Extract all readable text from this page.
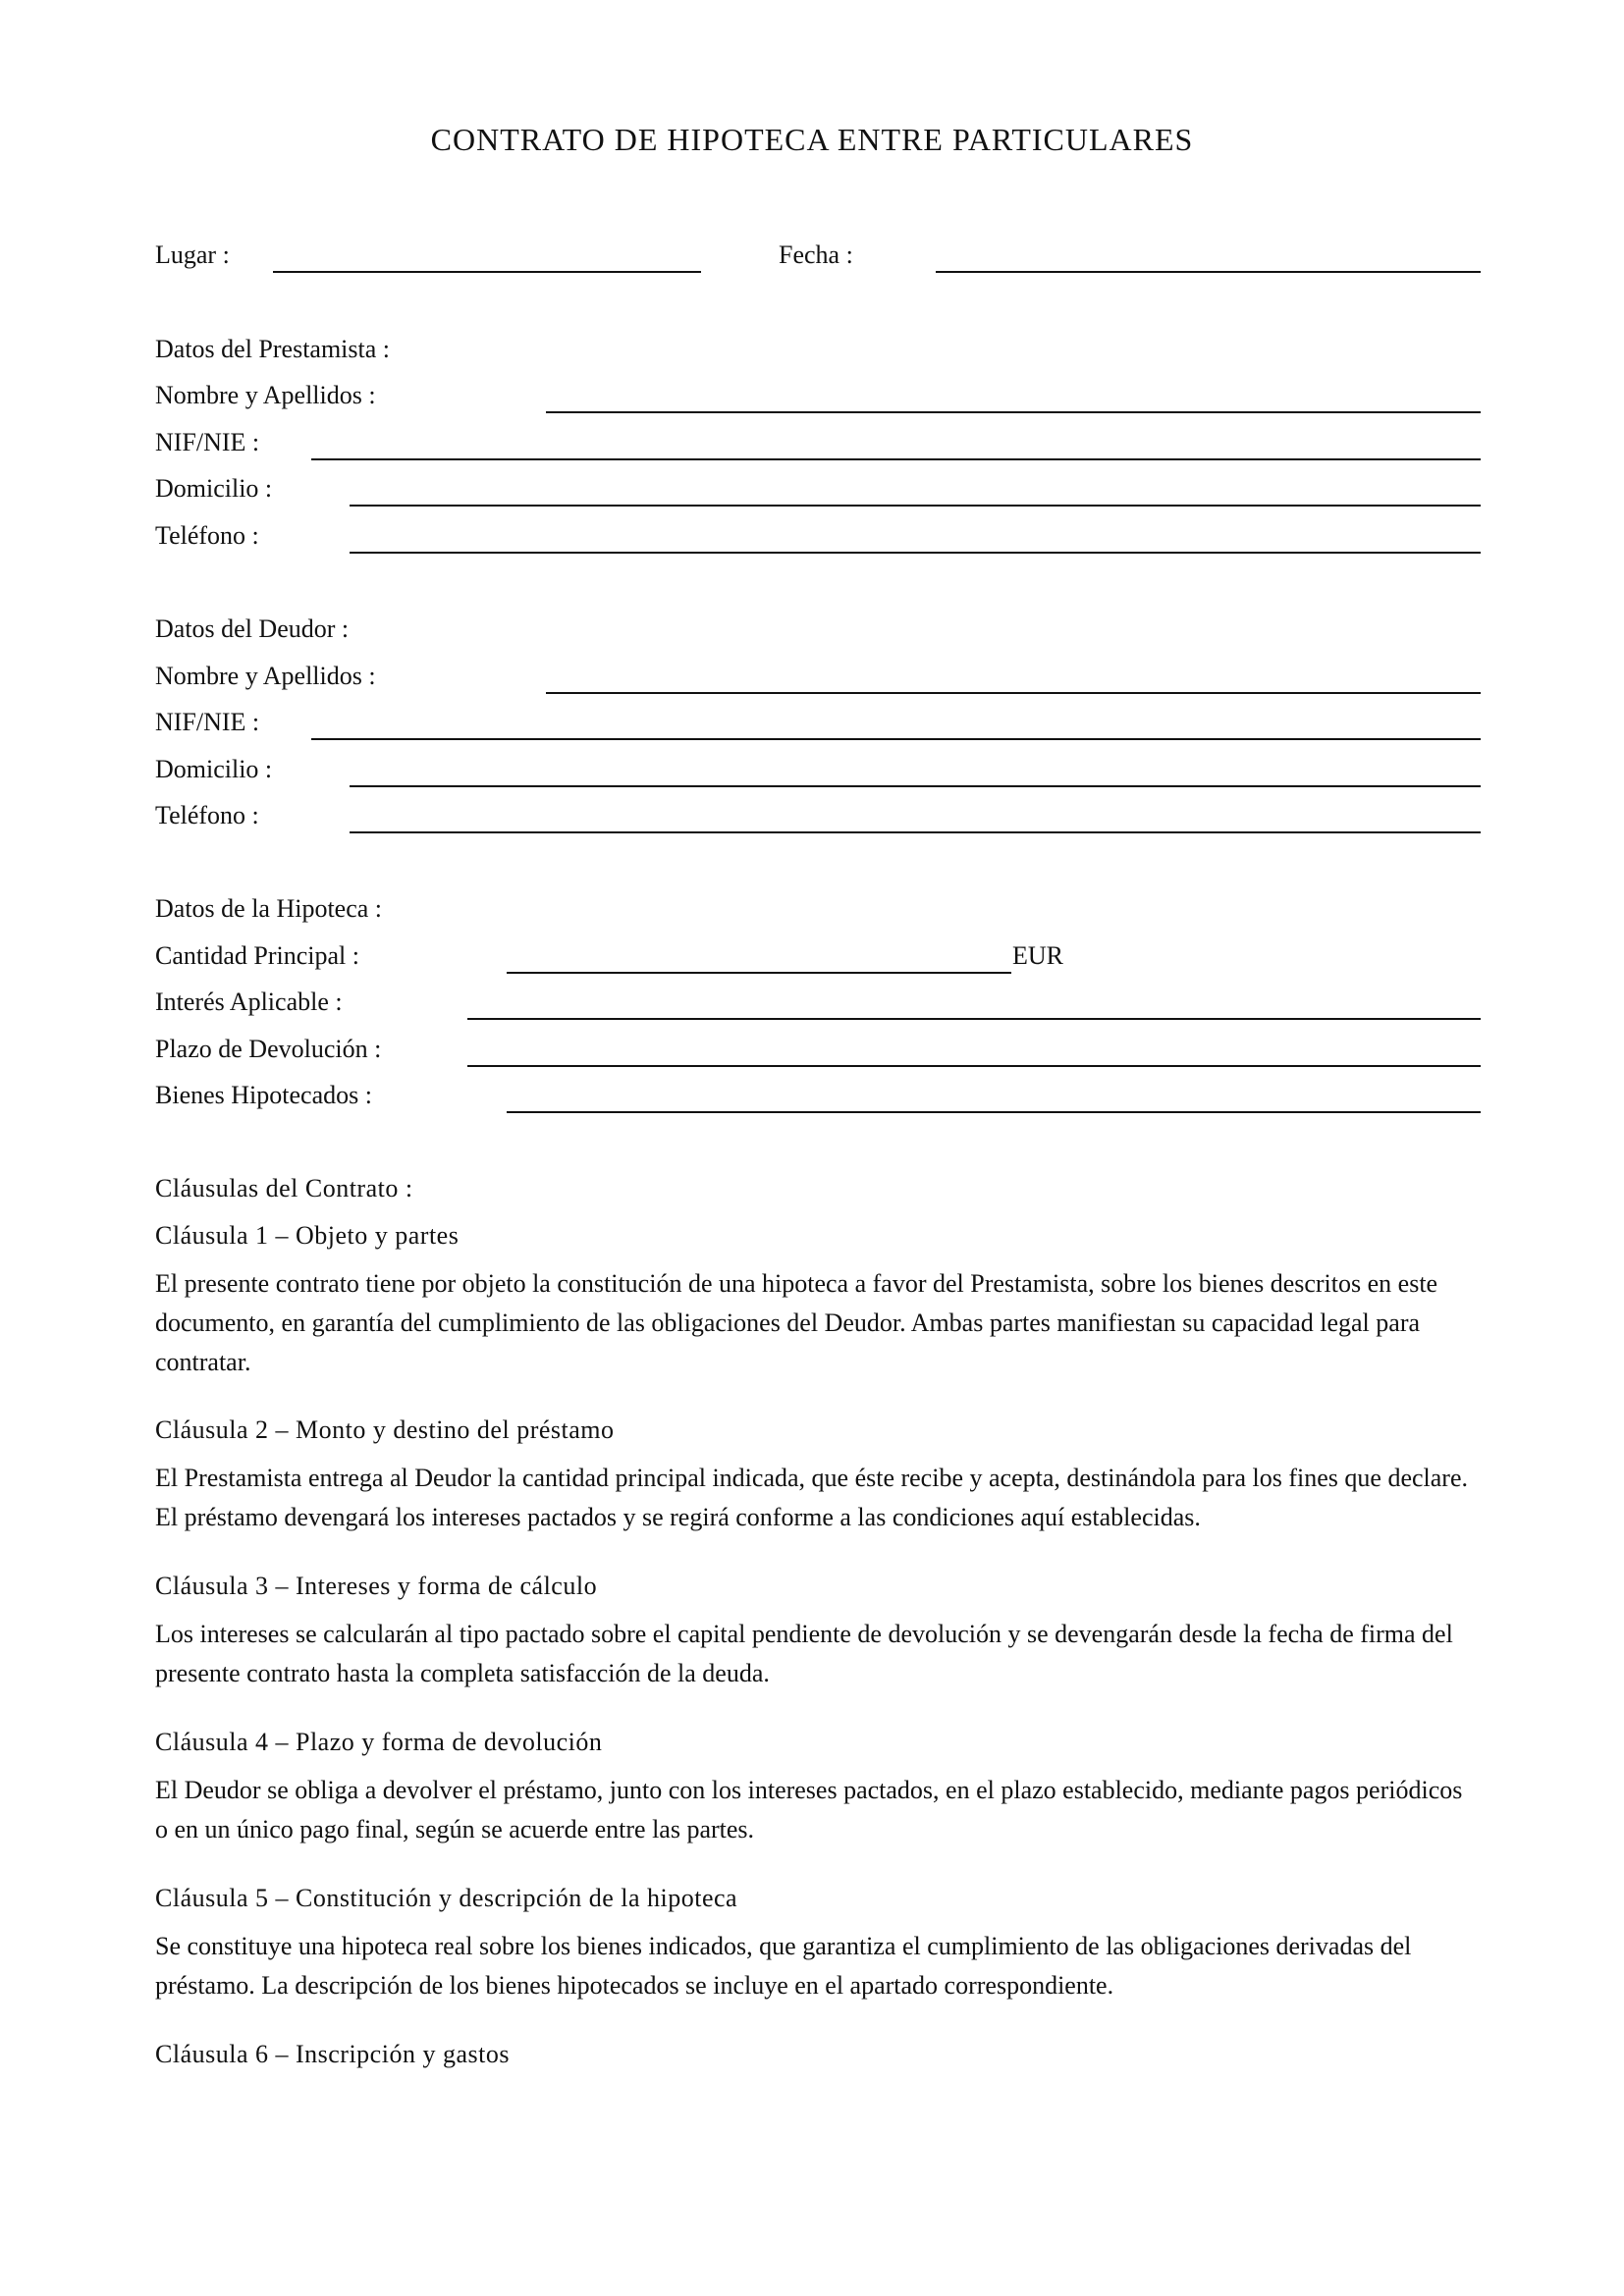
CONTRATO DE HIPOTECA ENTRE PARTICULARES
Lugar :	Fecha :
Datos del Prestamista :
Nombre y Apellidos :
NIF/NIE :
Domicilio :
Teléfono :
Datos del Deudor :
Nombre y Apellidos :
NIF/NIE :
Domicilio :
Teléfono :
Datos de la Hipoteca :
Cantidad Principal :	EUR
Interés Aplicable :
Plazo de Devolución :
Bienes Hipotecados :
Cláusulas del Contrato :
Cláusula 1 – Objeto y partes
El presente contrato tiene por objeto la constitución de una hipoteca a favor del Prestamista, sobre los bienes descritos en este documento, en garantía del cumplimiento de las obligaciones del Deudor. Ambas partes manifiestan su capacidad legal para contratar.
Cláusula 2 – Monto y destino del préstamo
El Prestamista entrega al Deudor la cantidad principal indicada, que éste recibe y acepta, destinándola para los fines que declare. El préstamo devengará los intereses pactados y se regirá conforme a las condiciones aquí establecidas.
Cláusula 3 – Intereses y forma de cálculo
Los intereses se calcularán al tipo pactado sobre el capital pendiente de devolución y se devengarán desde la fecha de firma del presente contrato hasta la completa satisfacción de la deuda.
Cláusula 4 – Plazo y forma de devolución
El Deudor se obliga a devolver el préstamo, junto con los intereses pactados, en el plazo establecido, mediante pagos periódicos o en un único pago final, según se acuerde entre las partes.
Cláusula 5 – Constitución y descripción de la hipoteca
Se constituye una hipoteca real sobre los bienes indicados, que garantiza el cumplimiento de las obligaciones derivadas del préstamo. La descripción de los bienes hipotecados se incluye en el apartado correspondiente.
Cláusula 6 – Inscripción y gastos
